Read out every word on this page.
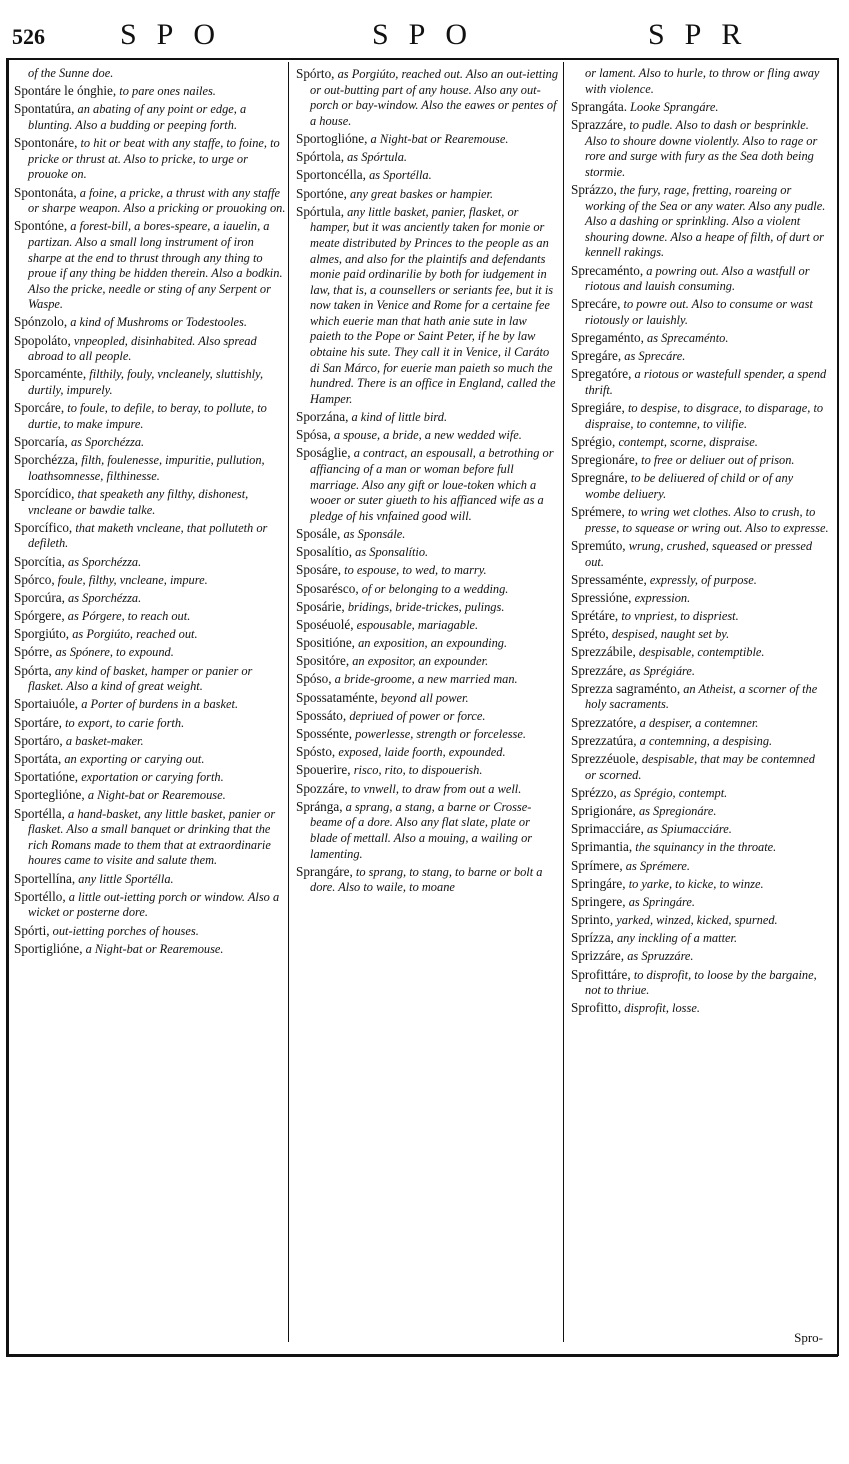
526	SPO	SPO	SPR
of the Sunne doe.
Spontáre le ónghie, to pare ones nailes.
Spontatúra, an abating of any point or edge, a blunting. Also a budding or peeping forth.
Spontonáre, to hit or beat with any staffe, to foine, to pricke or thrust at. Also to pricke, to urge or prouoke on.
Spontonáta, a foine, a pricke, a thrust with any staffe or sharpe weapon. Also a pricking or prouoking on.
Spontóne, a forest-bill, a bores-speare, a iauelin, a partizan. Also a small long instrument of iron sharpe at the end to thrust through any thing to proue if any thing be hidden therein. Also a bodkin. Also the pricke, needle or sting of any Serpent or Waspe.
Spónzolo, a kind of Mushroms or Todestooles.
Spopoláto, vnpeopled, disinhabited. Also spread abroad to all people.
Sporcaménte, filthily, fouly, vncleanely, sluttishly, durtily, impurely.
Sporcáre, to foule, to defile, to beray, to pollute, to durtie, to make impure.
Sporcaría, as Sporchézza.
Sporchézza, filth, foulenesse, impuritie, pullution, loathsomnesse, filthinesse.
Sporcídico, that speaketh any filthy, dishonest, vncleane or bawdie talke.
Sporcífico, that maketh vncleane, that polluteth or defileth.
Sporcítia, as Sporchézza.
Spórco, foule, filthy, vncleane, impure.
Sporcúra, as Sporchézza.
Spórgere, as Pórgere, to reach out.
Sporgiúto, as Porgiúto, reached out.
Spórre, as Spónere, to expound.
Spórta, any kind of basket, hamper or panier or flasket. Also a kind of great weight.
Sportaiuóle, a Porter of burdens in a basket.
Sportáre, to export, to carie forth.
Sportáro, a basket-maker.
Sportáta, an exporting or carying out.
Sportatióne, exportation or carying forth.
Sportegliόne, a Night-bat or Rearemouse.
Sportélla, a hand-basket, any little basket, panier or flasket. Also a small banquet or drinking that the rich Romans made to them that at extraordinarie houres came to visite and salute them.
Sportellína, any little Sportélla.
Sportéllo, a little out-ietting porch or window. Also a wicket or posterne dore.
Spórti, out-ietting porches of houses.
Sportiglióne, a Night-bat or Rearemouse.
Spórto, as Porgiúto, reached out. Also an out-ietting or out-butting part of any house. Also any out-porch or bay-window. Also the eawes or pentes of a house.
Sportoglióne, a Night-bat or Rearemouse.
Spórtola, as Spórtula.
Sportoncélla, as Sportélla.
Sportóne, any great baskes or hampier.
Spórtula, any little basket, panier, flasket, or hamper, but it was anciently taken for monie or meate distributed by Princes to the people as an almes, and also for the plaintifs and defendants monie paid ordinarilie by both for iudgement in law, that is, a counsellers or seriants fee, but it is now taken in Venice and Rome for a certaine fee which euerie man that hath anie sute in law paieth to the Pope or Saint Peter, if he by law obtaine his sute. They call it in Venice, il Caráto di San Márco, for euerie man paieth so much the hundred. There is an office in England, called the Hamper.
Sporzána, a kind of little bird.
Spósa, a spouse, a bride, a new wedded wife.
Sposáglie, a contract, an espousall, a betrothing or affiancing of a man or woman before full marriage. Also any gift or loue-token which a wooer or suter giueth to his affianced wife as a pledge of his vnfained good will.
Sposále, as Sponsále.
Sposalítio, as Sponsalítio.
Sposáre, to espouse, to wed, to marry.
Sposarésco, of or belonging to a wedding.
Sposárie, bridings, bride-trickes, pulings.
Sposéuolé, espousable, mariagable.
Spositióne, an exposition, an expounding.
Spositóre, an expositor, an expounder.
Spóso, a bride-groome, a new married man.
Spossataménte, beyond all power.
Spossáto, depriued of power or force.
Spossénte, powerlesse, strength or forcelesse.
Spósto, exposed, laide foorth, expounded.
Spouerire, risco, rito, to dispouerish.
Spozzáre, to vnwell, to draw from out a well.
Spránga, a sprang, a stang, a barne or Crosse-beame of a dore. Also any flat slate, plate or blade of mettall. Also a mouing, a wailing or lamenting.
Sprangáre, to sprang, to stang, to barne or bolt a dore. Also to waile, to moane
or lament. Also to hurle, to throw or fling away with violence.
Sprangáta. Looke Sprangáre.
Sprazzáre, to pudle. Also to dash or besprinkle. Also to shoure downe violently. Also to rage or rore and surge with fury as the Sea doth being stormie.
Sprázzo, the fury, rage, fretting, roareing or working of the Sea or any water. Also any pudle. Also a dashing or sprinkling. Also a violent shouring downe. Also a heape of filth, of durt or kennell rakings.
Sprecaménto, a powring out. Also a wastfull or riotous and lauish consuming.
Sprecáre, to powre out. Also to consume or wast riotously or lauishly.
Spregaménto, as Sprecaménto.
Spregáre, as Sprecáre.
Spregatóre, a riotous or wastefull spender, a spend thrift.
Spregiáre, to despise, to disgrace, to disparage, to dispraise, to contemne, to vilifie.
Sprégio, contempt, scorne, dispraise.
Spregionáre, to free or deliuer out of prison.
Spregnáre, to be deliuered of child or of any wombe deliuery.
Sprémere, to wring wet clothes. Also to crush, to presse, to squease or wring out. Also to expresse.
Spremúto, wrung, crushed, squeased or pressed out.
Spressaménte, expressly, of purpose.
Spressióne, expression.
Sprétáre, to vnpriest, to dispriest.
Spréto, despised, naught set by.
Sprezzábile, despisable, contemptible.
Sprezzáre, as Sprégiáre.
Sprezza sagraménto, an Atheist, a scorner of the holy sacraments.
Sprezzatóre, a despiser, a contemner.
Sprezzatúra, a contemning, a despising.
Sprezzéuole, despisable, that may be contemned or scorned.
Sprézzo, as Sprégio, contempt.
Sprigionáre, as Spregionáre.
Sprimacciáre, as Spiumacciáre.
Sprimantia, the squinancy in the throate.
Sprímere, as Sprémere.
Springáre, to yarke, to kicke, to winze.
Springere, as Springáre.
Sprinto, yarked, winzed, kicked, spurned.
Sprízza, any inckling of a matter.
Sprizzáre, as Spruzzáre.
Sprofittáre, to disprofit, to loose by the bargaine, not to thriue.
Sprofitto, disprofit, losse.
Spro-
